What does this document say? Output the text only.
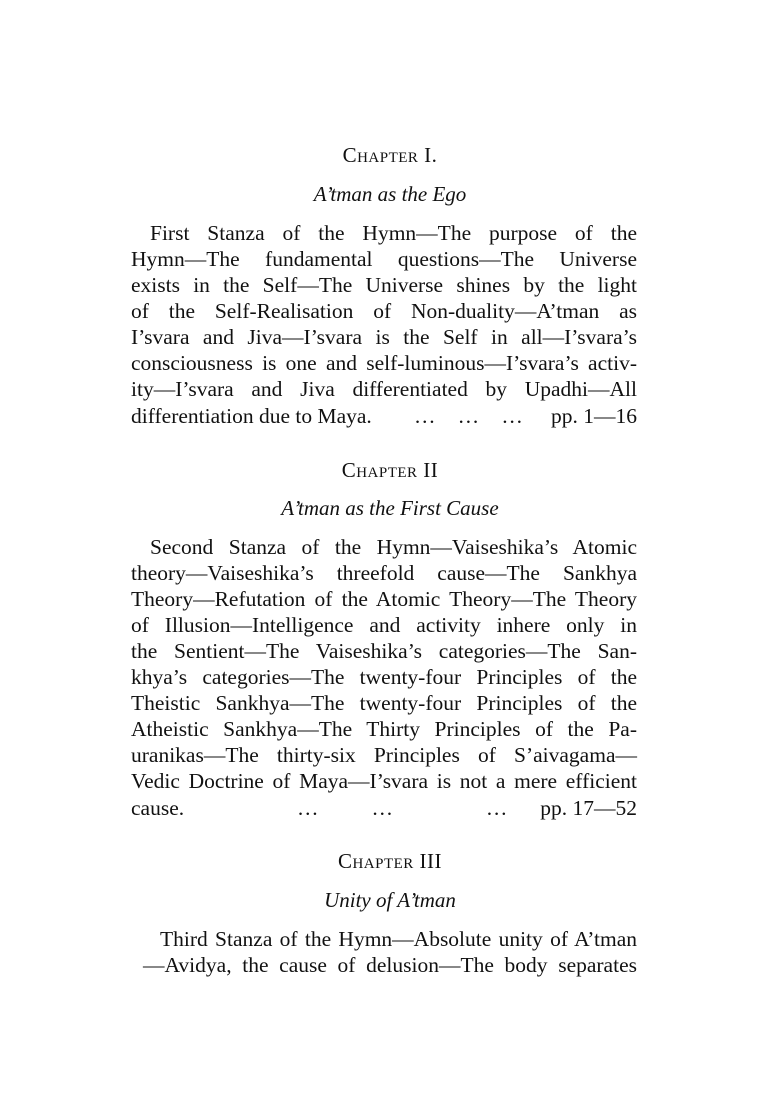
Chapter I.
A’tman as the Ego
First Stanza of the Hymn—The purpose of the
Hymn—The fundamental questions—The Universe
exists in the Self—The Universe shines by the light
of the Self-Realisation of Non-duality—A’tman as
I’svara and Jiva—I’svara is the Self in all—I’svara’s
consciousness is one and self-luminous—I’svara’s activ-
ity—I’svara and Jiva differentiated by Upadhi—All
differentiation due to Maya. … … … pp. 1—16
Chapter II
A’tman as the First Cause
Second Stanza of the Hymn—Vaiseshika’s Atomic
theory—Vaiseshika’s threefold cause—The Sankhya
Theory—Refutation of the Atomic Theory—The Theory
of Illusion—Intelligence and activity inhere only in
the Sentient—The Vaiseshika’s categories—The San-
khya’s categories—The twenty-four Principles of the
Theistic Sankhya—The twenty-four Principles of the
Atheistic Sankhya—The Thirty Principles of the Pa-
uranikas—The thirty-six Principles of S’aivagama—
Vedic Doctrine of Maya—I’svara is not a mere efficient
cause.	… …	… pp. 17—52
Chapter III
Unity of A’tman
Third Stanza of the Hymn—Absolute unity of A’tman
—Avidya, the cause of delusion—The body separates
